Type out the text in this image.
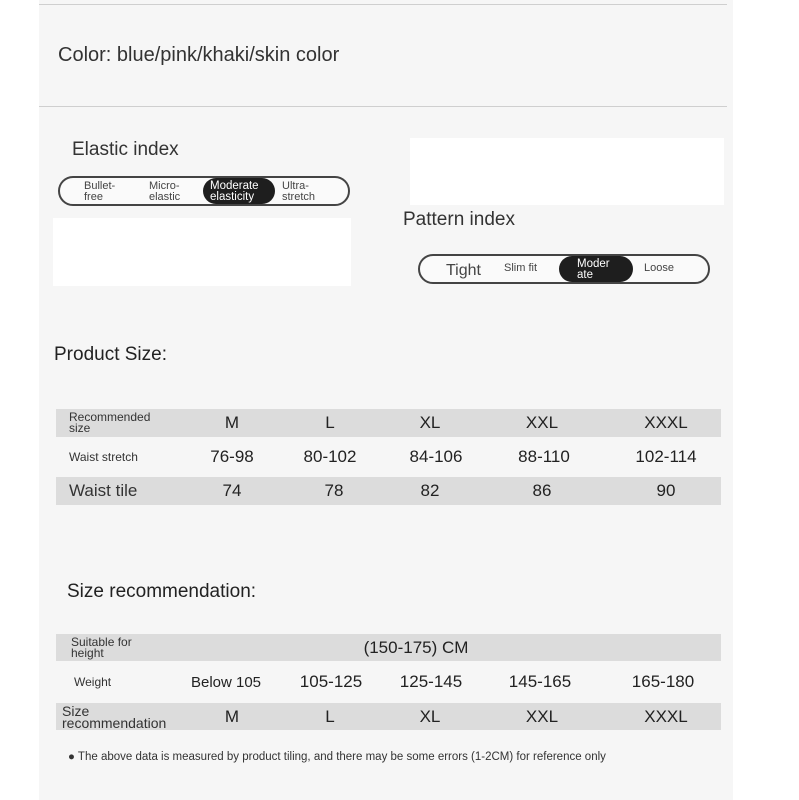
Color: blue/pink/khaki/skin color
Elastic index
Bullet-
free
Micro-
elastic
Moderate
elasticity
Ultra-
stretch
Pattern index
Tight Slim fit	Moder
ate
Loose
Product Size:
Recommended
size	M	L	XL	XXL	XXXL
Waist stretch	76-98	80-102	84-106	88-110	102-114
Waist tile	74	78	82	86	90
Size recommendation:
Suitable for
height	(150-175) CM
Weight	Below 105	105-125	125-145	145-165	165-180
Size
recommendation	M	L	XL	XXL	XXXL
● The above data is measured by product tiling, and there may be some errors (1-2CM) for reference only
